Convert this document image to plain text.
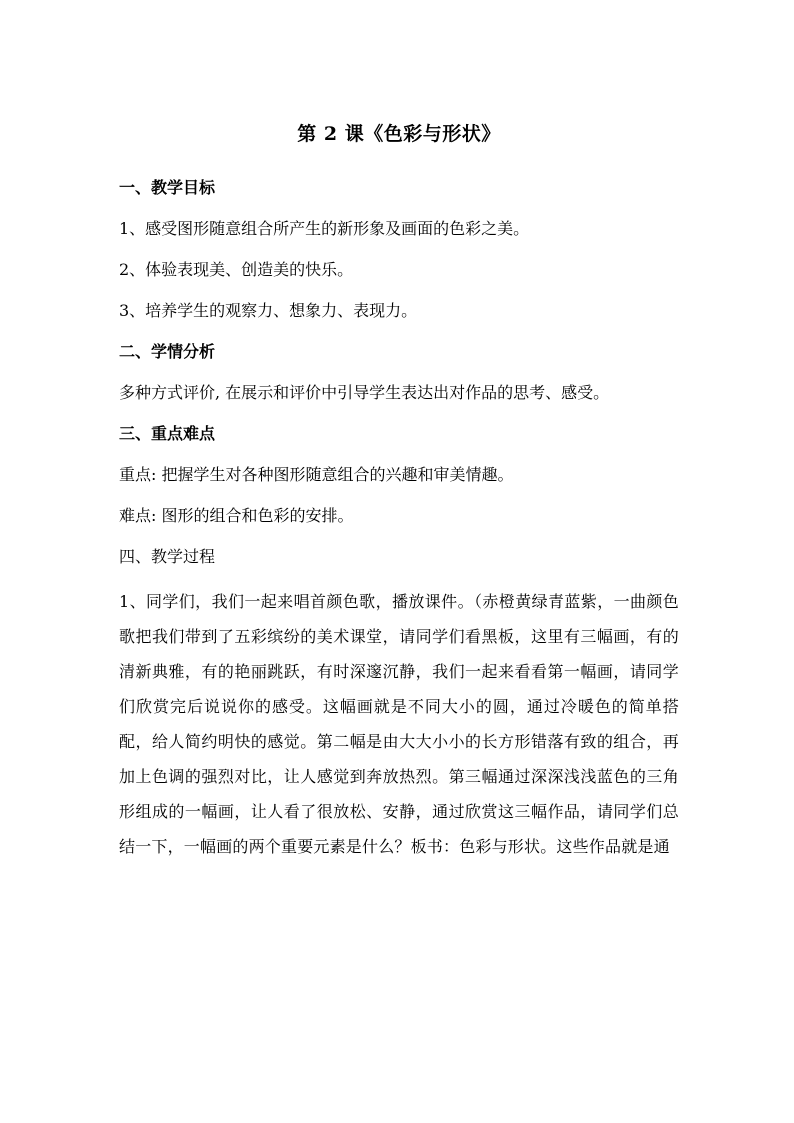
第 2 课《色彩与形状》
一、教学目标
1、感受图形随意组合所产生的新形象及画面的色彩之美。
2、体验表现美、创造美的快乐。
3、培养学生的观察力、想象力、表现力。
二、学情分析
多种方式评价, 在展示和评价中引导学生表达出对作品的思考、感受。
三、重点难点
重点: 把握学生对各种图形随意组合的兴趣和审美情趣。
难点: 图形的组合和色彩的安排。
四、教学过程
1、同学们，我们一起来唱首颜色歌，播放课件。（赤橙黄绿青蓝紫，一曲颜色歌把我们带到了五彩缤纷的美术课堂，请同学们看黑板，这里有三幅画，有的清新典雅，有的艳丽跳跃，有时深邃沉静，我们一起来看看第一幅画，请同学们欣赏完后说说你的感受。这幅画就是不同大小的圆，通过冷暖色的简单搭配，给人简约明快的感觉。第二幅是由大大小小的长方形错落有致的组合，再加上色调的强烈对比，让人感觉到奔放热烈。第三幅通过深深浅浅蓝色的三角形组成的一幅画，让人看了很放松、安静，通过欣赏这三幅作品，请同学们总结一下，一幅画的两个重要元素是什么？板书：色彩与形状。这些作品就是通
